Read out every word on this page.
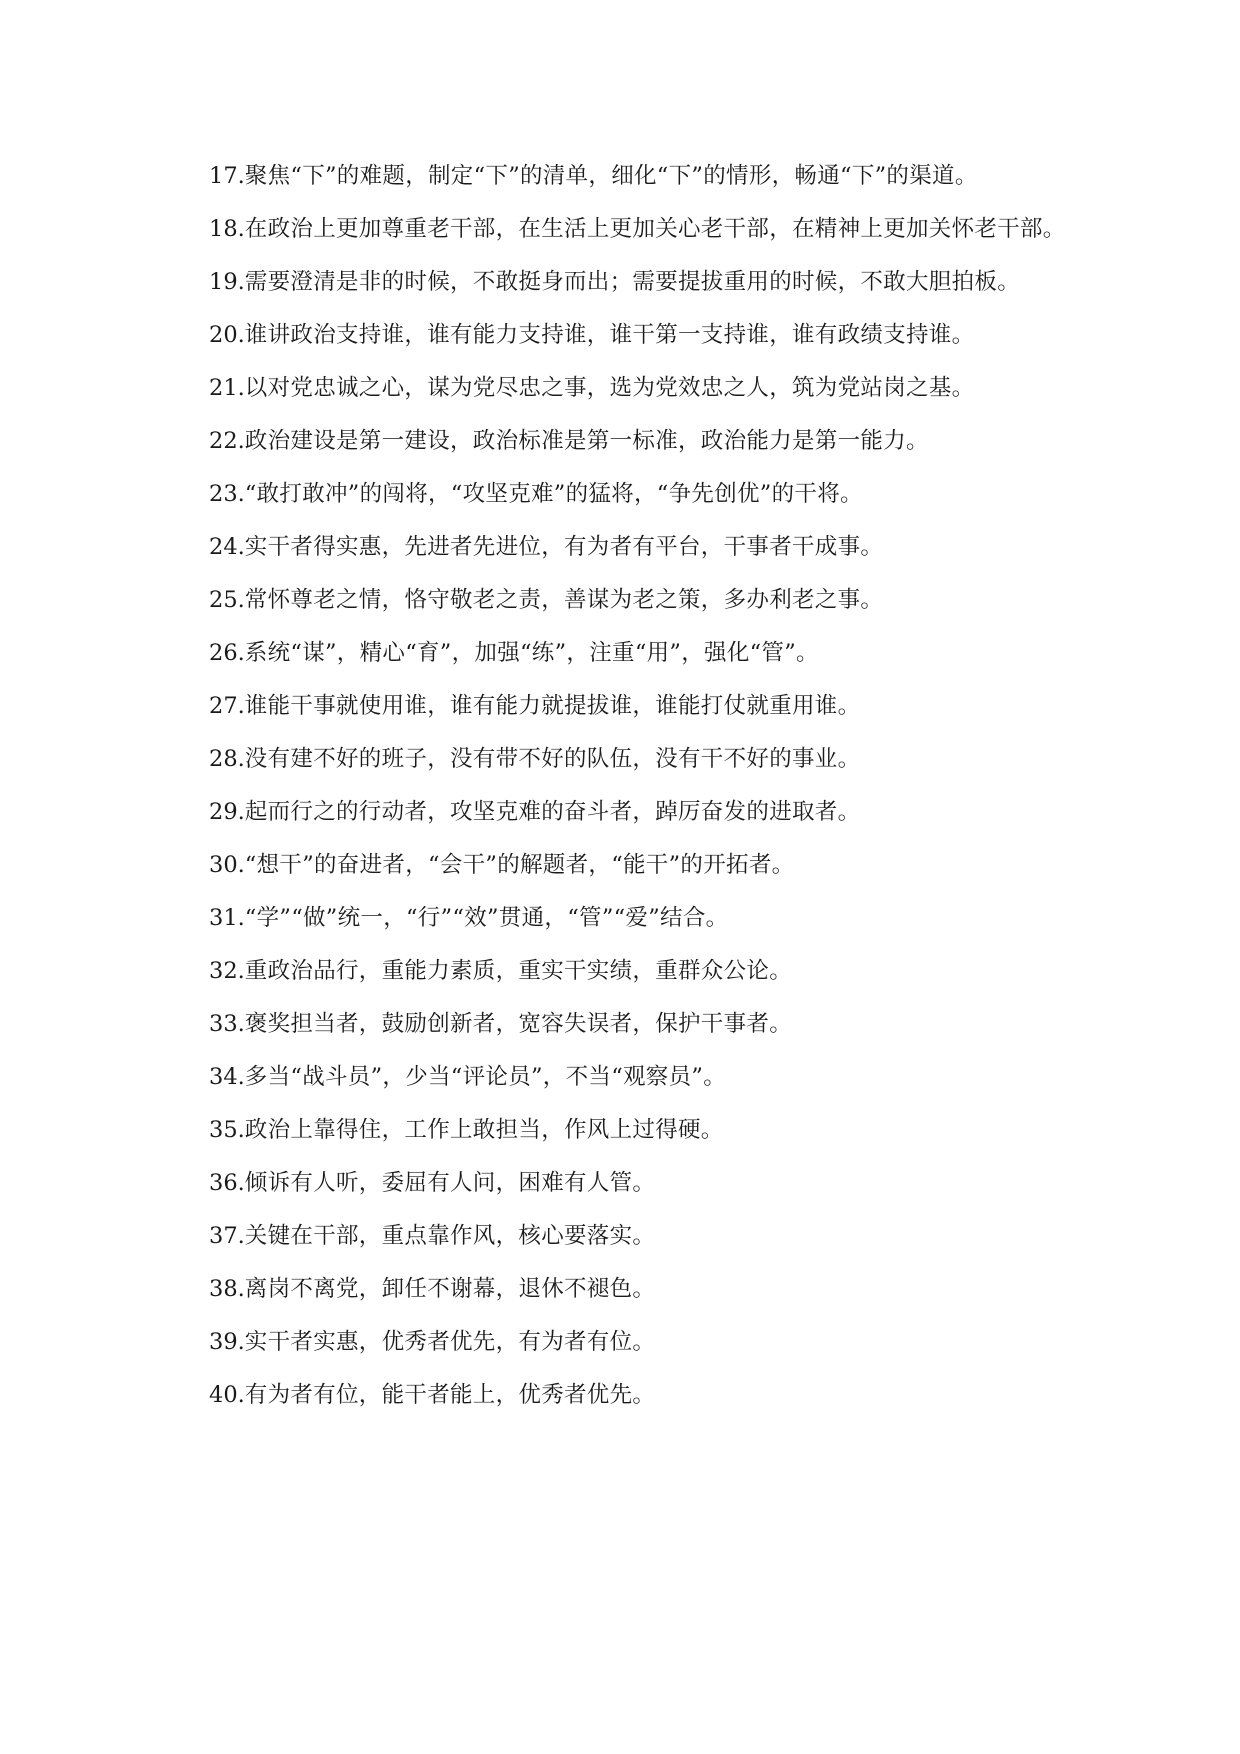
17.聚焦“下”的难题，制定“下”的清单，细化“下”的情形，畅通“下”的渠道。

18.在政治上更加尊重老干部，在生活上更加关心老干部，在精神上更加关怀老干部。

19.需要澄清是非的时候，不敢挺身而出；需要提拔重用的时候，不敢大胆拍板。

20.谁讲政治支持谁，谁有能力支持谁，谁干第一支持谁，谁有政绩支持谁。

21.以对党忠诚之心，谋为党尽忠之事，选为党效忠之人，筑为党站岗之基。

22.政治建设是第一建设，政治标准是第一标准，政治能力是第一能力。

23.“敢打敢冲”的闯将，“攻坚克难”的猛将，“争先创优”的干将。

24.实干者得实惠，先进者先进位，有为者有平台，干事者干成事。

25.常怀尊老之情，恪守敬老之责，善谋为老之策，多办利老之事。

26.系统“谋”，精心“育”，加强“练”，注重“用”，强化“管”。

27.谁能干事就使用谁，谁有能力就提拔谁，谁能打仗就重用谁。

28.没有建不好的班子，没有带不好的队伍，没有干不好的事业。

29.起而行之的行动者，攻坚克难的奋斗者，踔厉奋发的进取者。

30.“想干”的奋进者，“会干”的解题者，“能干”的开拓者。

31.“学”“做”统一，“行”“效”贯通，“管”“爱”结合。

32.重政治品行，重能力素质，重实干实绩，重群众公论。

33.褒奖担当者，鼓励创新者，宽容失误者，保护干事者。

34.多当“战斗员”，少当“评论员”，不当“观察员”。

35.政治上靠得住，工作上敢担当，作风上过得硬。

36.倾诉有人听，委屈有人问，困难有人管。

37.关键在干部，重点靠作风，核心要落实。

38.离岗不离党，卸任不谢幕，退休不褪色。

39.实干者实惠，优秀者优先，有为者有位。

40.有为者有位，能干者能上，优秀者优先。
